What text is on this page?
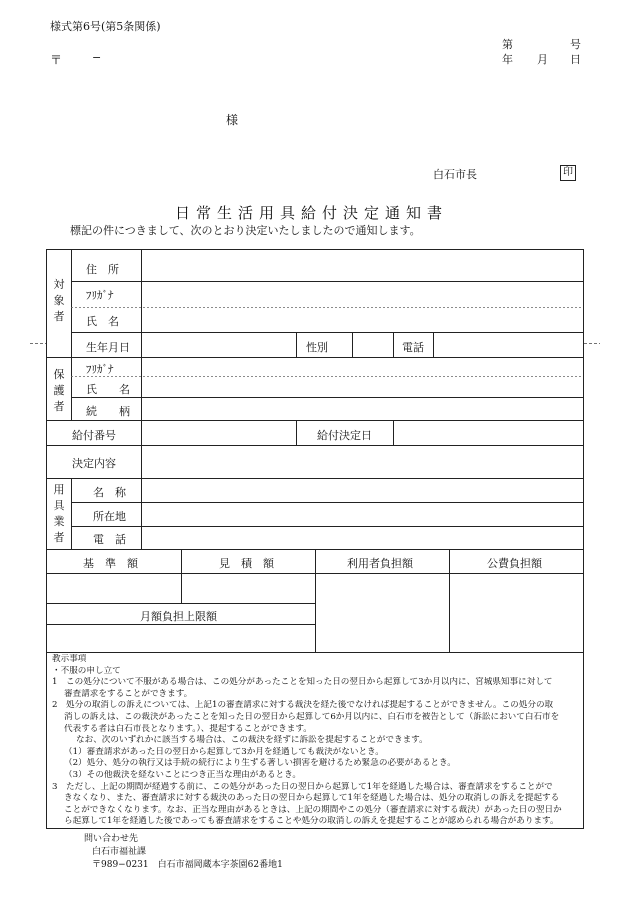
様式第6号(第5条関係)
第	号
〒	−	年 月 日
様
白石市長	印
日常生活用具給付決定通知書
標記の件につきまして、次のとおり決定いたしましたので通知します。
対象者
住　所
ﾌﾘｶﾞﾅ
氏　名
生年月日	性別	電話
保護者
ﾌﾘｶﾞﾅ
氏　　名
続　　柄
給付番号	給付決定日
決定内容
用具業者
名　称
所在地
電　話
基　準　額	見　積　額	利用者負担額	公費負担額
月額負担上限額
教示事項
・不服の申し立て
1　この処分について不服がある場合は、この処分があったことを知った日の翌日から起算して3か月以内に、宮城県知事に対して
審査請求をすることができます。
2　処分の取消しの訴えについては、上記1の審査請求に対する裁決を経た後でなければ提起することができません。この処分の取
消しの訴えは、この裁決があったことを知った日の翌日から起算して6か月以内に、白石市を被告として（訴訟において白石市を
代表する者は白石市長となります。）、提起することができます。
なお、次のいずれかに該当する場合は、この裁決を経ずに訴訟を提起することができます。
（1）審査請求があった日の翌日から起算して3か月を経過しても裁決がないとき。
（2）処分、処分の執行又は手続の続行により生ずる著しい損害を避けるため緊急の必要があるとき。
（3）その他裁決を経ないことにつき正当な理由があるとき。
3　ただし、上記の期間が経過する前に、この処分があった日の翌日から起算して1年を経過した場合は、審査請求をすることがで
きなくなり、また、審査請求に対する裁決のあった日の翌日から起算して1年を経過した場合は、処分の取消しの訴えを提起する
ことができなくなります。なお、正当な理由があるときは、上記の期間やこの処分（審査請求に対する裁決）があった日の翌日か
ら起算して1年を経過した後であっても審査請求をすることや処分の取消しの訴えを提起することが認められる場合があります。
問い合わせ先
白石市福祉課
〒989−0231　白石市福岡蔵本字茶園62番地1
